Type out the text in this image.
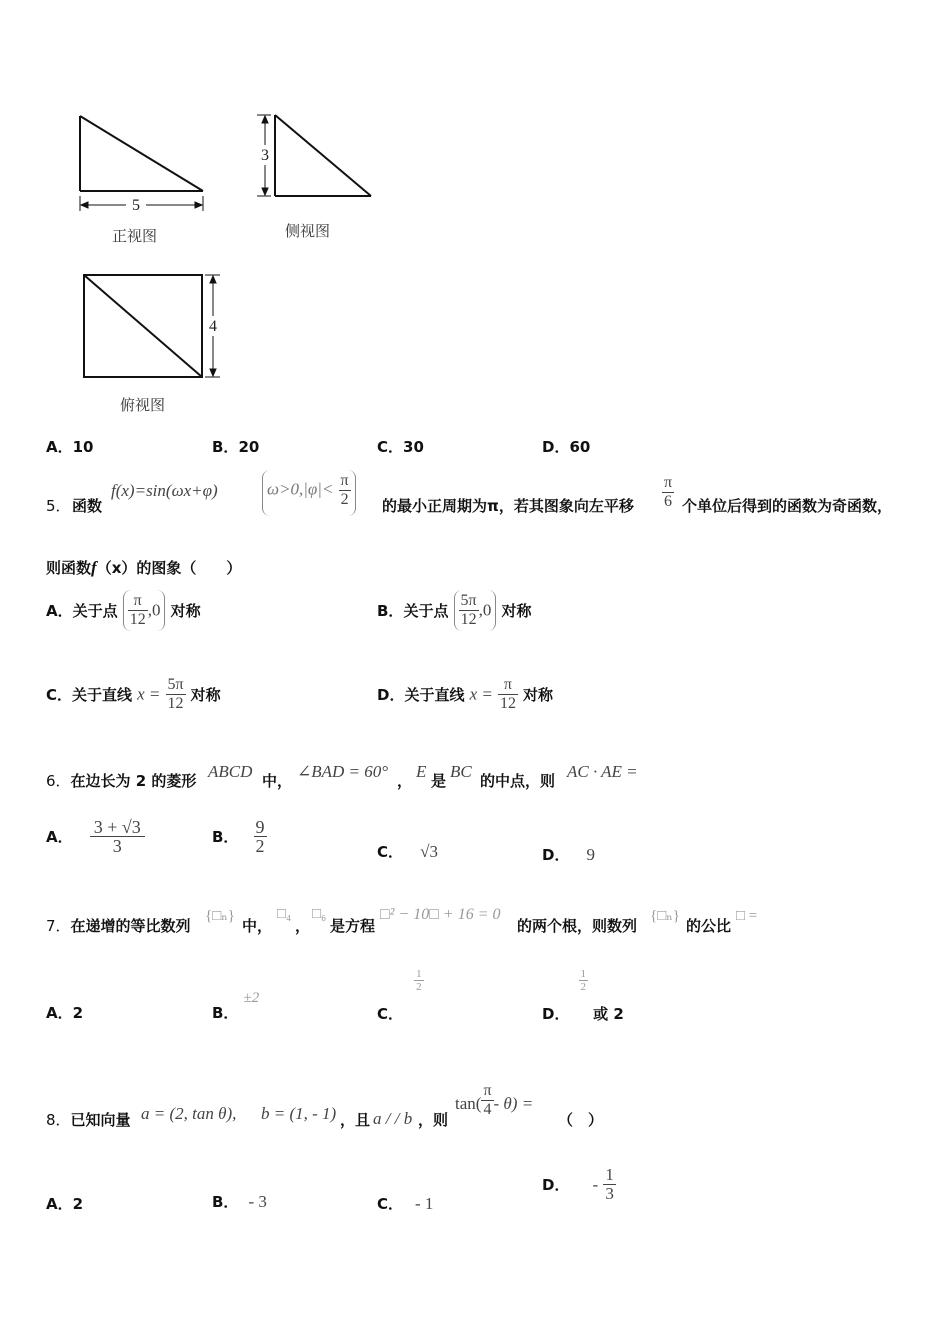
5
3
4
正视图	侧视图
俯视图
A．10	B．20	C．30	D．60
5． 函数
f(x)=sin(ωx+φ)	$\omega>0,|\varphi|< \frac{\pi}{2}$ 的最小正周期为π，若其图象向左平移 $\frac{\pi}{6}$ 个单位后得到的函数为奇函数，
则函数f（x）的图象（　　）
A．关于点 $\frac{\pi}{12} ,0$ 对称	B．关于点 $\frac{5\pi}{12} ,0$ 对称
C．关于直线 $x = \frac{5\pi}{12}$ 对称	D．关于直线 $x = \frac{\pi}{12}$ 对称
6．在边长为 2 的菱形 ABCD 中， ∠BAD = 60° ， E 是 BC 的中点，则 AC · AE =
A． $\frac{3 + √3}{3}$	B． $\frac{9}{2}$	C． √3	D． 9
7．在递增的等比数列
{□ₙ}
中，
□₄
，
□₆
是方程
□² − 10□ + 16 = 0
的两个根，则数列
{□ₙ}
的公比
□ =
A．2	B． ±2
C．
$\frac{1}{2}$
D．
$\frac{1}{2}$
或 2
8．已知向量 a = (2, tan θ), b = (1, - 1) ，且 a / / b ，则
$\tan( \frac{\pi}{4} - \theta)$ =
（　）
A．2	B． - 3	C． - 1
D． - $\frac{1}{3}$
